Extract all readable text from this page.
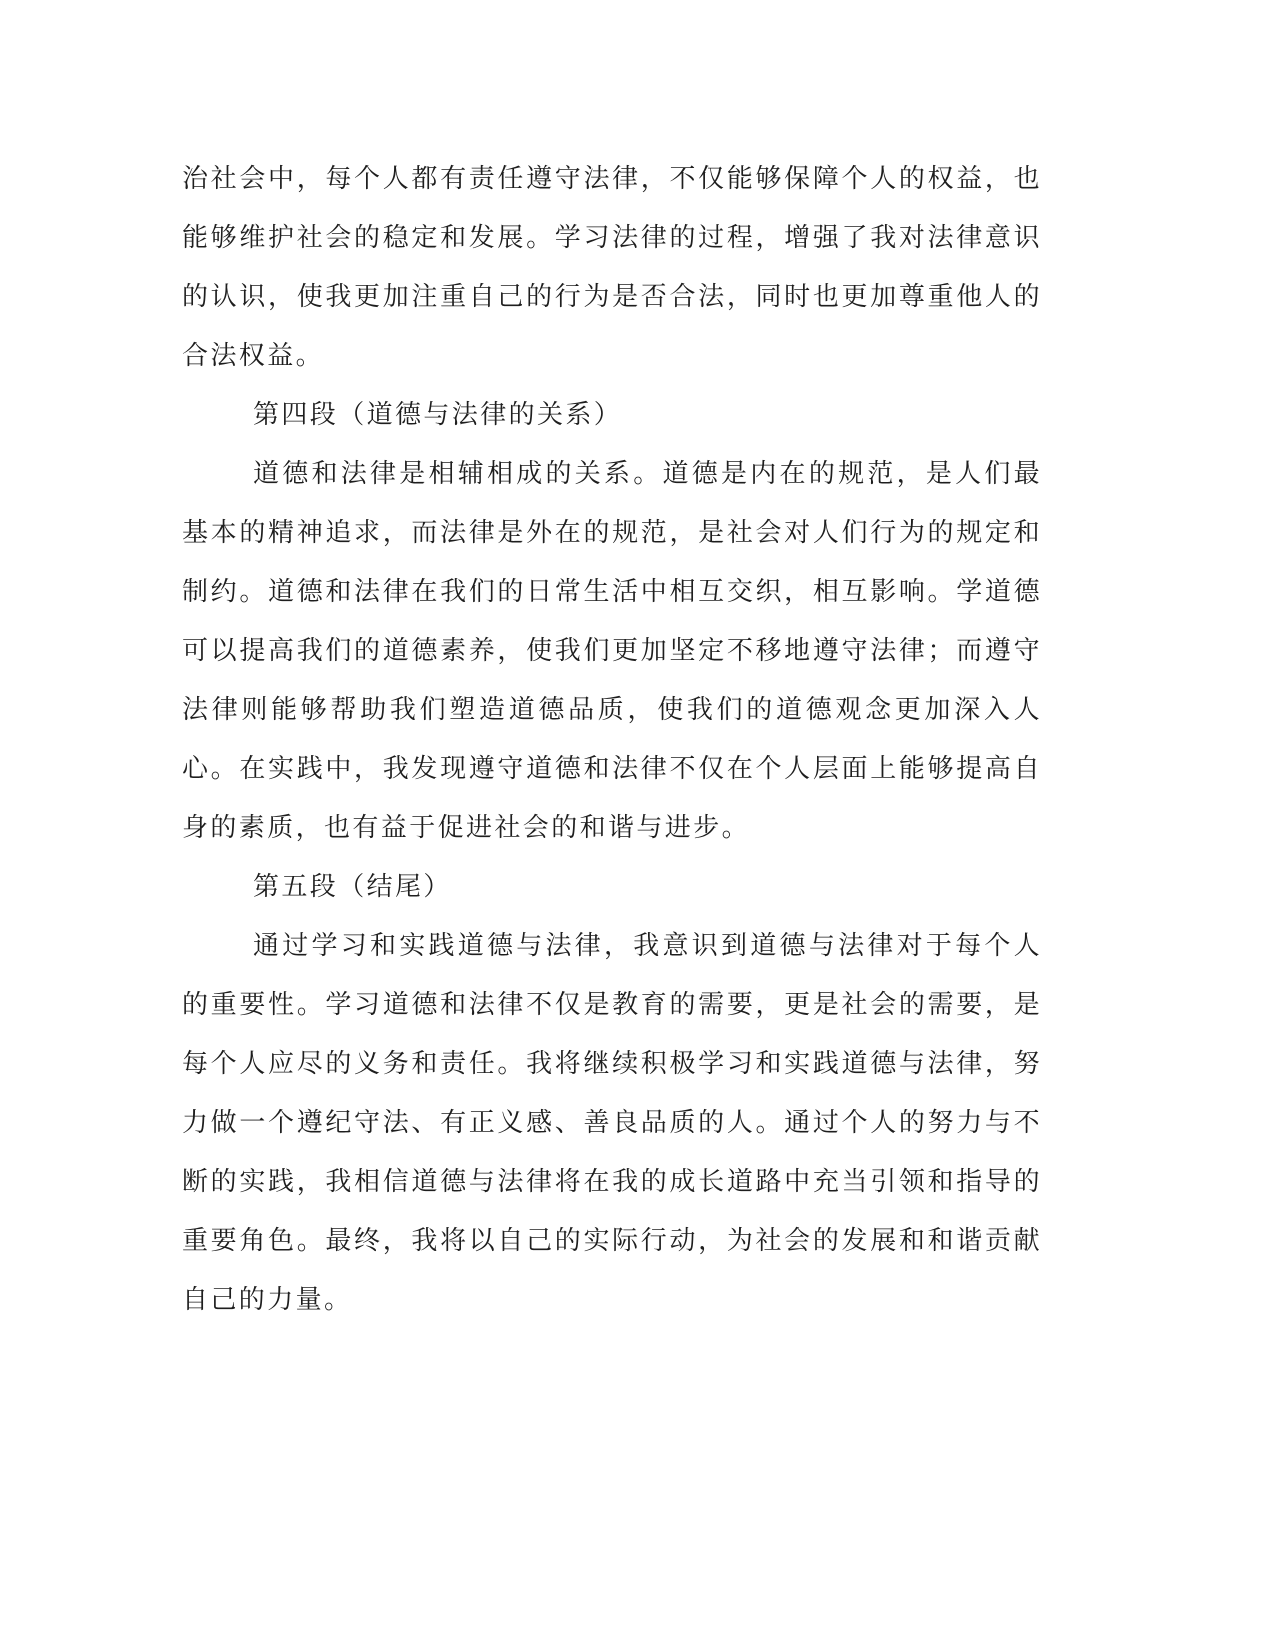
治社会中，每个人都有责任遵守法律，不仅能够保障个人的权益，也能够维护社会的稳定和发展。学习法律的过程，增强了我对法律意识的认识，使我更加注重自己的行为是否合法，同时也更加尊重他人的合法权益。

第四段（道德与法律的关系）

道德和法律是相辅相成的关系。道德是内在的规范，是人们最基本的精神追求，而法律是外在的规范，是社会对人们行为的规定和制约。道德和法律在我们的日常生活中相互交织，相互影响。学道德可以提高我们的道德素养，使我们更加坚定不移地遵守法律；而遵守法律则能够帮助我们塑造道德品质，使我们的道德观念更加深入人心。在实践中，我发现遵守道德和法律不仅在个人层面上能够提高自身的素质，也有益于促进社会的和谐与进步。

第五段（结尾）

通过学习和实践道德与法律，我意识到道德与法律对于每个人的重要性。学习道德和法律不仅是教育的需要，更是社会的需要，是每个人应尽的义务和责任。我将继续积极学习和实践道德与法律，努力做一个遵纪守法、有正义感、善良品质的人。通过个人的努力与不断的实践，我相信道德与法律将在我的成长道路中充当引领和指导的重要角色。最终，我将以自己的实际行动，为社会的发展和和谐贡献自己的力量。
